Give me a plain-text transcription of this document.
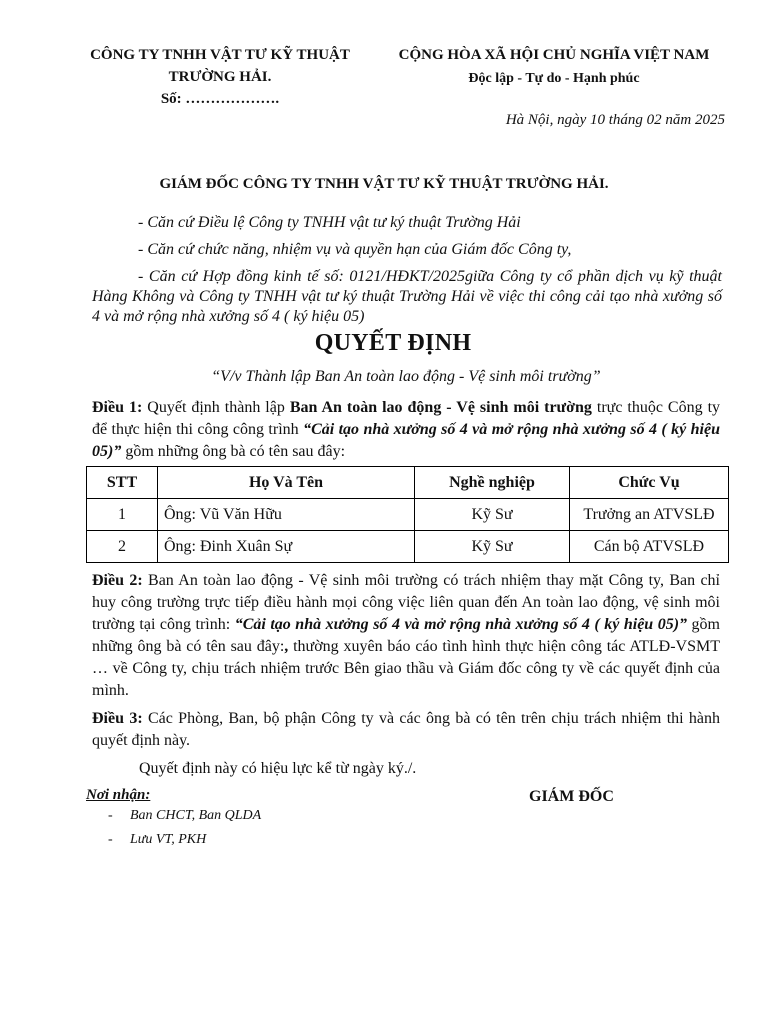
CÔNG TY TNHH VẬT TƯ KỸ THUẬT
TRƯỜNG HẢI.
Số: ……………….
CỘNG HÒA XÃ HỘI CHỦ NGHĨA VIỆT NAM
Độc lập - Tự do - Hạnh phúc
Hà Nội, ngày 10 tháng 02 năm 2025
GIÁM ĐỐC CÔNG TY TNHH VẬT TƯ KỸ THUẬT TRƯỜNG HẢI.
- Căn cứ Điều lệ Công ty TNHH vật tư ký thuật Trường Hải
- Căn cứ chức năng, nhiệm vụ và quyền hạn của Giám đốc Công ty,
- Căn cứ Hợp đồng kinh tế số: 0121/HĐKT/2025giữa Công ty cổ phần dịch vụ kỹ thuật Hàng Không và Công ty TNHH vật tư ký thuật Trường Hải về việc thi công cải tạo nhà xưởng số 4 và mở rộng nhà xưởng số 4 ( ký hiệu 05)
QUYẾT ĐỊNH
“V/v Thành lập Ban An toàn lao động - Vệ sinh môi trường”
Điều 1: Quyết định thành lập Ban An toàn lao động - Vệ sinh môi trường trực thuộc Công ty để thực hiện thi công công trình “Cải tạo nhà xưởng số 4 và mở rộng nhà xưởng số 4 ( ký hiệu 05)” gồm những ông bà có tên sau đây:
STT	Họ Và Tên	Nghề nghiệp	Chức Vụ
1	Ông: Vũ Văn Hữu	Kỹ Sư	Trưởng an ATVSLĐ
2	Ông: Đinh Xuân Sự	Kỹ Sư	Cán bộ ATVSLĐ
Điều 2: Ban An toàn lao động - Vệ sinh môi trường có trách nhiệm thay mặt Công ty, Ban chỉ huy công trường trực tiếp điều hành mọi công việc liên quan đến An toàn lao động, vệ sinh môi trường tại công trình: “Cải tạo nhà xưởng số 4 và mở rộng nhà xưởng số 4 ( ký hiệu 05)” gồm những ông bà có tên sau đây:, thường xuyên báo cáo tình hình thực hiện công tác ATLĐ-VSMT … về Công ty, chịu trách nhiệm trước Bên giao thầu và Giám đốc công ty về các quyết định của mình.
Điều 3: Các Phòng, Ban, bộ phận Công ty và các ông bà có tên trên chịu trách nhiệm thi hành quyết định này.
Quyết định này có hiệu lực kể từ ngày ký./.
Nơi nhận:	GIÁM ĐỐC
- Ban CHCT, Ban QLDA
- Lưu VT, PKH
